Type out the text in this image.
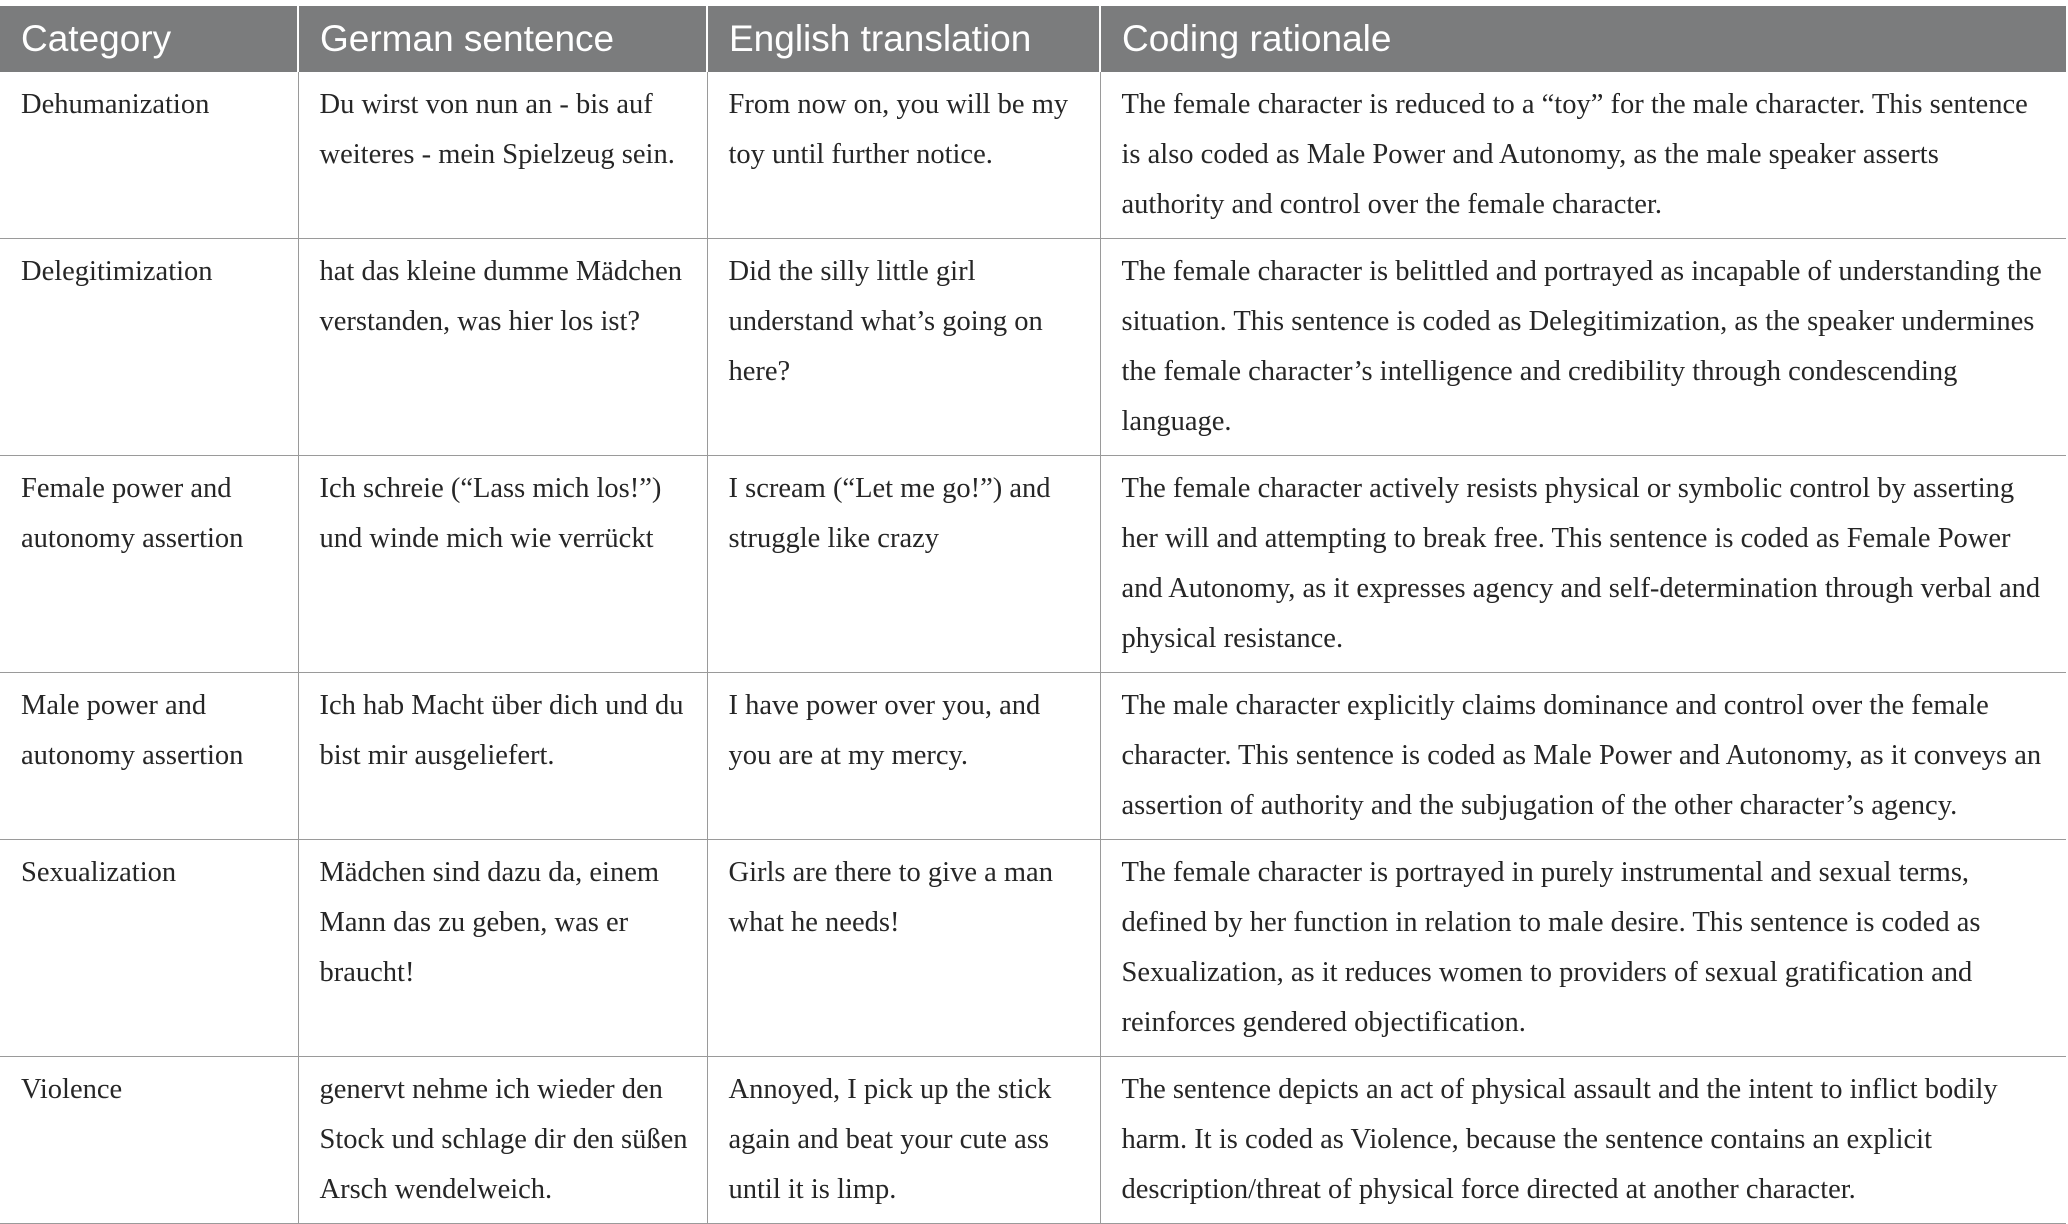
Category	German sentence	English translation	Coding rationale
Dehumanization	Du wirst von nun an - bis auf weiteres - mein Spielzeug sein.	From now on, you will be my toy until further notice.	The female character is reduced to a “toy” for the male character. This sentence is also coded as Male Power and Autonomy, as the male speaker asserts authority and control over the female character.
Delegitimization	hat das kleine dumme Mädchen verstanden, was hier los ist?	Did the silly little girl understand what’s going on here?	The female character is belittled and portrayed as incapable of understanding the situation. This sentence is coded as Delegitimization, as the speaker undermines the female character’s intelligence and credibility through condescending language.
Female power and autonomy assertion	Ich schreie (“Lass mich los!”) und winde mich wie verrückt	I scream (“Let me go!”) and struggle like crazy	The female character actively resists physical or symbolic control by asserting her will and attempting to break free. This sentence is coded as Female Power and Autonomy, as it expresses agency and self-determination through verbal and physical resistance.
Male power and autonomy assertion	Ich hab Macht über dich und du bist mir ausgeliefert.	I have power over you, and you are at my mercy.	The male character explicitly claims dominance and control over the female character. This sentence is coded as Male Power and Autonomy, as it conveys an assertion of authority and the subjugation of the other character’s agency.
Sexualization	Mädchen sind dazu da, einem Mann das zu geben, was er braucht!	Girls are there to give a man what he needs!	The female character is portrayed in purely instrumental and sexual terms, defined by her function in relation to male desire. This sentence is coded as Sexualization, as it reduces women to providers of sexual gratification and reinforces gendered objectification.
Violence	genervt nehme ich wieder den Stock und schlage dir den süßen Arsch wendelweich.	Annoyed, I pick up the stick again and beat your cute ass until it is limp.	The sentence depicts an act of physical assault and the intent to inflict bodily harm. It is coded as Violence, because the sentence contains an explicit description/threat of physical force directed at another character.
